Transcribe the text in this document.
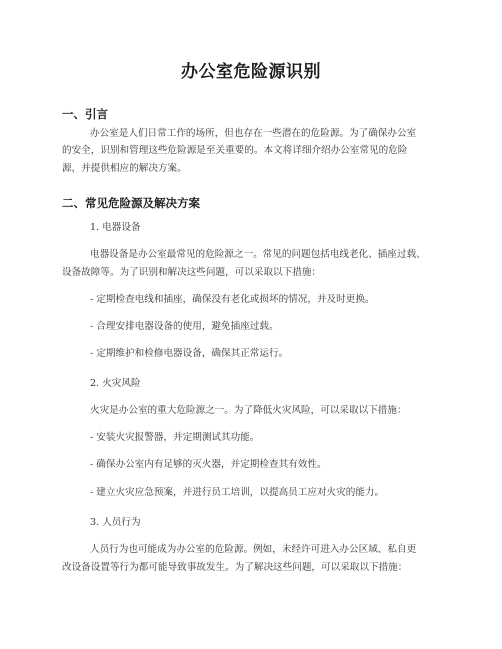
办公室危险源识别
一、引言
办公室是人们日常工作的场所，但也存在一些潜在的危险源。为了确保办公室
的安全，识别和管理这些危险源是至关重要的。本文将详细介绍办公室常见的危险
源，并提供相应的解决方案。
二、常见危险源及解决方案
1. 电器设备
电器设备是办公室最常见的危险源之一。常见的问题包括电线老化、插座过载、
设备故障等。为了识别和解决这些问题，可以采取以下措施：
- 定期检查电线和插座，确保没有老化或损坏的情况，并及时更换。
- 合理安排电器设备的使用，避免插座过载。
- 定期维护和检修电器设备，确保其正常运行。
2. 火灾风险
火灾是办公室的重大危险源之一。为了降低火灾风险，可以采取以下措施：
- 安装火灾报警器，并定期测试其功能。
- 确保办公室内有足够的灭火器，并定期检查其有效性。
- 建立火灾应急预案，并进行员工培训，以提高员工应对火灾的能力。
3. 人员行为
人员行为也可能成为办公室的危险源。例如，未经许可进入办公区域、私自更
改设备设置等行为都可能导致事故发生。为了解决这些问题，可以采取以下措施：
